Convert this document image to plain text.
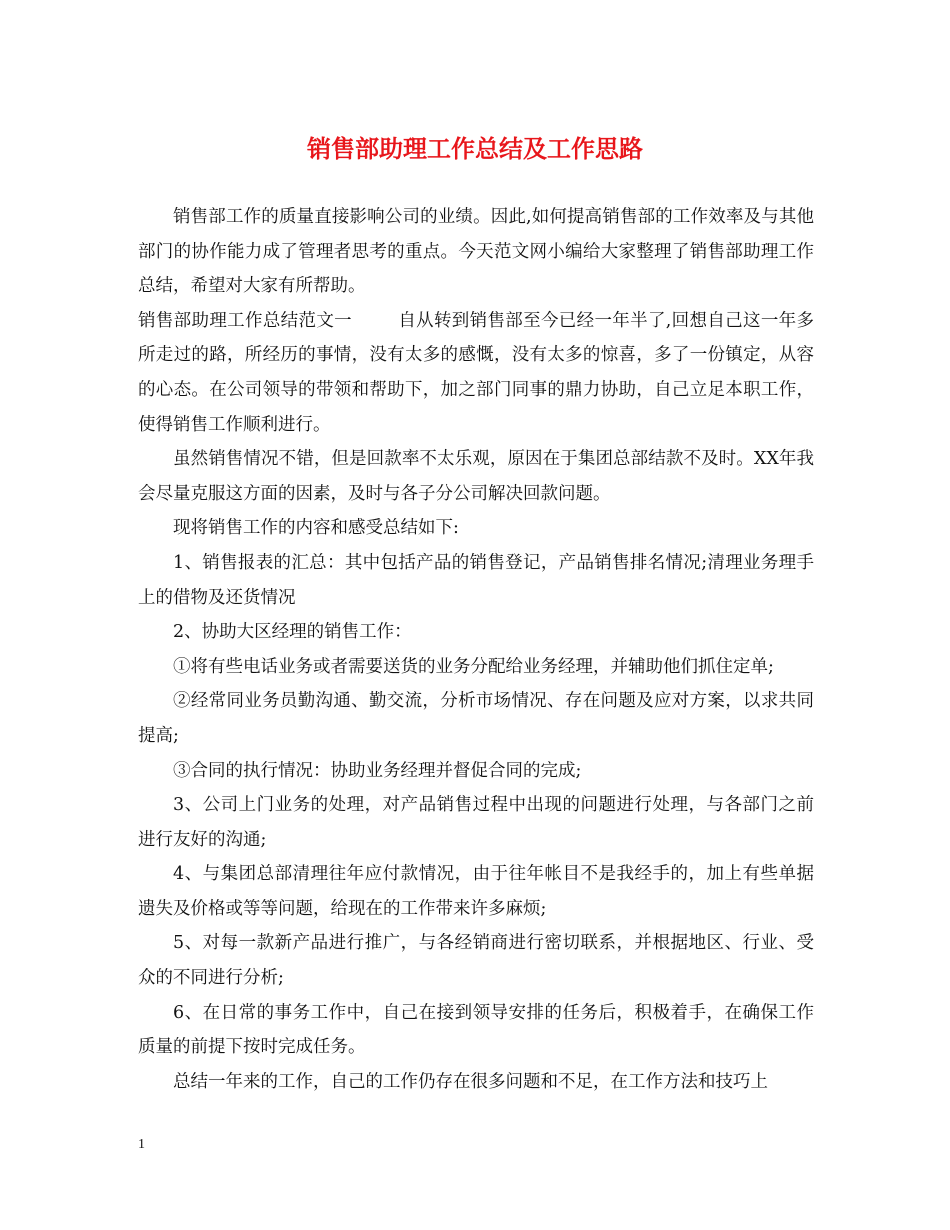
销售部助理工作总结及工作思路

销售部工作的质量直接影响公司的业绩。因此,如何提高销售部的工作效率及与其他部门的协作能力成了管理者思考的重点。今天范文网小编给大家整理了销售部助理工作总结，希望对大家有所帮助。

销售部助理工作总结范文一	自从转到销售部至今已经一年半了,回想自己这一年多所走过的路，所经历的事情，没有太多的感慨，没有太多的惊喜，多了一份镇定，从容的心态。在公司领导的带领和帮助下，加之部门同事的鼎力协助，自己立足本职工作，使得销售工作顺利进行。

虽然销售情况不错，但是回款率不太乐观，原因在于集团总部结款不及时。XX年我会尽量克服这方面的因素，及时与各子分公司解决回款问题。

现将销售工作的内容和感受总结如下:

1、销售报表的汇总：其中包括产品的销售登记，产品销售排名情况;清理业务理手上的借物及还货情况

2、协助大区经理的销售工作：

①将有些电话业务或者需要送货的业务分配给业务经理，并辅助他们抓住定单;

②经常同业务员勤沟通、勤交流，分析市场情况、存在问题及应对方案，以求共同提高;

③合同的执行情况：协助业务经理并督促合同的完成;

3、公司上门业务的处理，对产品销售过程中出现的问题进行处理，与各部门之前进行友好的沟通;

4、与集团总部清理往年应付款情况，由于往年帐目不是我经手的，加上有些单据遗失及价格或等等问题，给现在的工作带来许多麻烦;

5、对每一款新产品进行推广，与各经销商进行密切联系，并根据地区、行业、受众的不同进行分析;

6、在日常的事务工作中，自己在接到领导安排的任务后，积极着手，在确保工作质量的前提下按时完成任务。

总结一年来的工作，自己的工作仍存在很多问题和不足，在工作方法和技巧上

1
